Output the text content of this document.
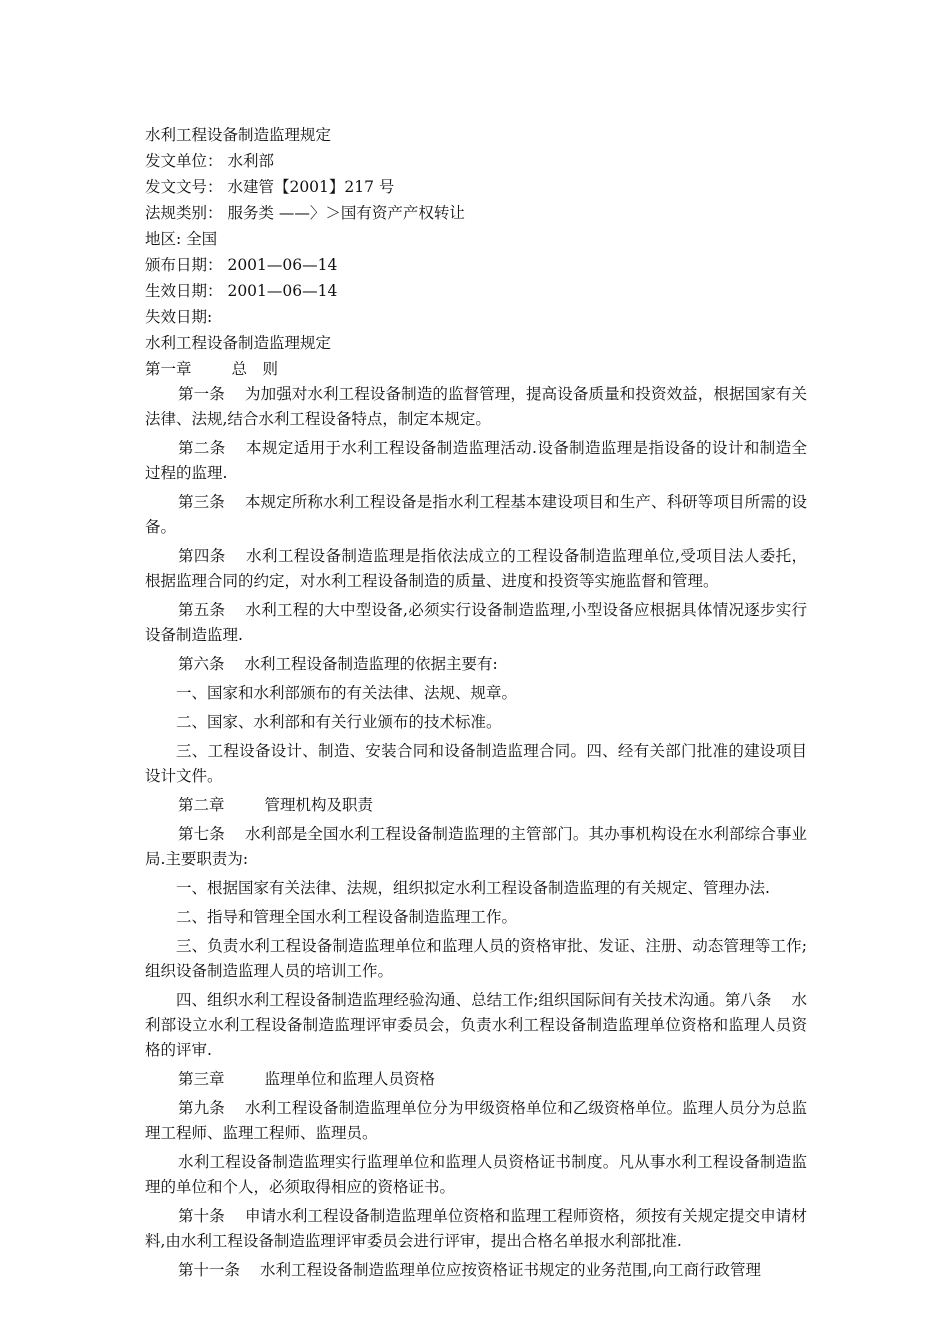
水利工程设备制造监理规定
发文单位： 水利部
发文文号： 水建管【2001】217 号
法规类别： 服务类 ——〉＞国有资产产权转让
地区: 全国
颁布日期： 2001—06—14
生效日期： 2001—06—14
失效日期:
水利工程设备制造监理规定
第一章	总　则

第一条 为加强对水利工程设备制造的监督管理，提高设备质量和投资效益，根据国家有关法律、法规,结合水利工程设备特点，制定本规定。

第二条 本规定适用于水利工程设备制造监理活动.设备制造监理是指设备的设计和制造全过程的监理.

第三条 本规定所称水利工程设备是指水利工程基本建设项目和生产、科研等项目所需的设备。

第四条 水利工程设备制造监理是指依法成立的工程设备制造监理单位,受项目法人委托，根据监理合同的约定，对水利工程设备制造的质量、进度和投资等实施监督和管理。

第五条 水利工程的大中型设备,必须实行设备制造监理,小型设备应根据具体情况逐步实行设备制造监理.

第六条 水利工程设备制造监理的依据主要有:

一、国家和水利部颁布的有关法律、法规、规章。

二、国家、水利部和有关行业颁布的技术标准。

三、工程设备设计、制造、安装合同和设备制造监理合同。四、经有关部门批准的建设项目设计文件。

第二章	管理机构及职责

第七条 水利部是全国水利工程设备制造监理的主管部门。其办事机构设在水利部综合事业局.主要职责为:

一、根据国家有关法律、法规，组织拟定水利工程设备制造监理的有关规定、管理办法.

二、指导和管理全国水利工程设备制造监理工作。

三、负责水利工程设备制造监理单位和监理人员的资格审批、发证、注册、动态管理等工作;组织设备制造监理人员的培训工作。

四、组织水利工程设备制造监理经验沟通、总结工作;组织国际间有关技术沟通。第八条 水利部设立水利工程设备制造监理评审委员会，负责水利工程设备制造监理单位资格和监理人员资格的评审.

第三章	监理单位和监理人员资格

第九条 水利工程设备制造监理单位分为甲级资格单位和乙级资格单位。监理人员分为总监理工程师、监理工程师、监理员。

水利工程设备制造监理实行监理单位和监理人员资格证书制度。凡从事水利工程设备制造监理的单位和个人，必须取得相应的资格证书。

第十条 申请水利工程设备制造监理单位资格和监理工程师资格，须按有关规定提交申请材料,由水利工程设备制造监理评审委员会进行评审，提出合格名单报水利部批准.

第十一条 水利工程设备制造监理单位应按资格证书规定的业务范围,向工商行政管理
